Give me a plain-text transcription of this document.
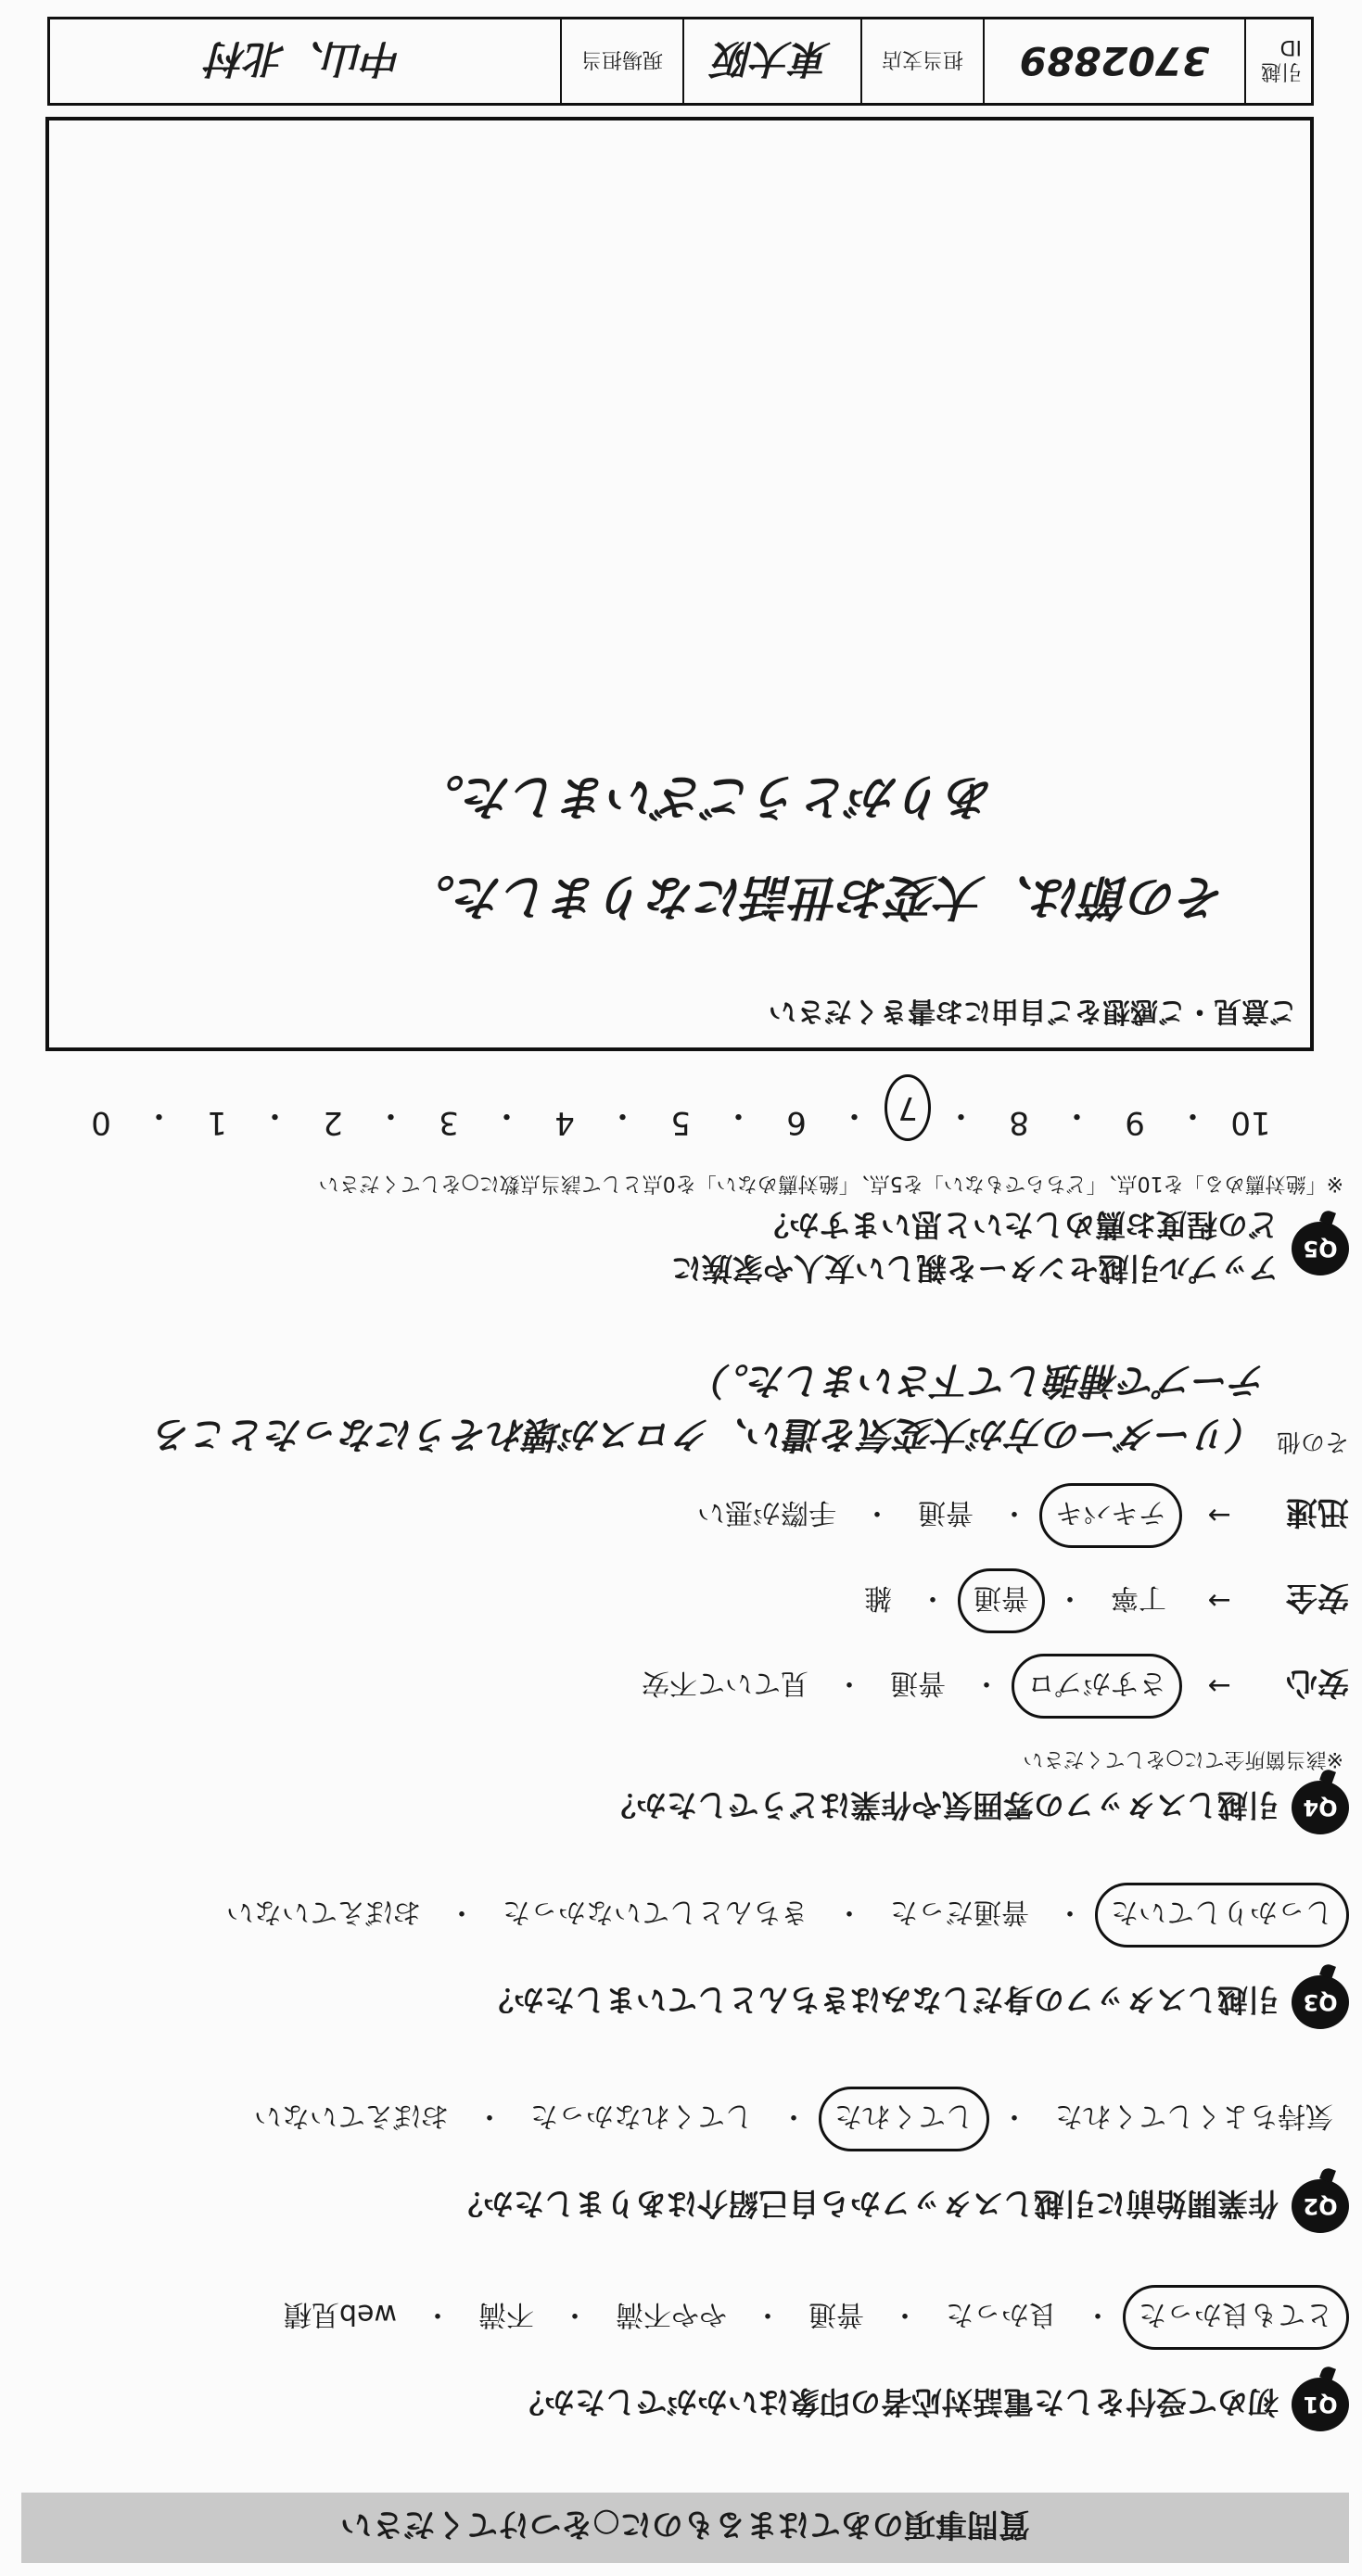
質問事項のあてはまるものに○をつけてください
Q1
初めて受付をした電話対応者の印象はいかがでしたか？
とても良かった
・
良かった
・
普通
・
やや不満
・
不満
・
web見積
Q2
作業開始前に引越しスタッフから自己紹介はありましたか？
気持ちよくしてくれた
・
してくれた
・
してくれなかった
・
おぼえていない
Q3
引越しスタッフの身だしなみはきちんとしていましたか？
しっかりしていた
・
普通だった
・
きちんとしていなかった
・
おぼえていない
Q4
引越しスタッフの雰囲気や作業はどうでしたか？
※該当箇所全てに○をしてください
安心
→
さすがプロ
・
普通
・
見ていて不安
安全
→
丁寧
・
普通
・
雑
迅速
→
テキパキ
・
普通
・
手際が悪い
その他
（リーダーの方が大変気を遣い、クロスが壊れそうになったところ
テープで補強して下さいました。）
Q5
アップル引越センターを親しい友人や家族に
どの程度お薦めしたいと思いますか？
※「絶対薦める」を10点、「どちらでもない」を5点、「絶対薦めない」を0点として該当点数に○をしてください
10
・
9
・
8
・
7
・
6
・
5
・
4
・
3
・
2
・
1
・
0
ご意見・ご感想をご自由にお書きください
その節は、大変お世話になりました。
ありがとうございました。
引越ID
3702889
担当支店
東大阪
現場担当
中山、北村
